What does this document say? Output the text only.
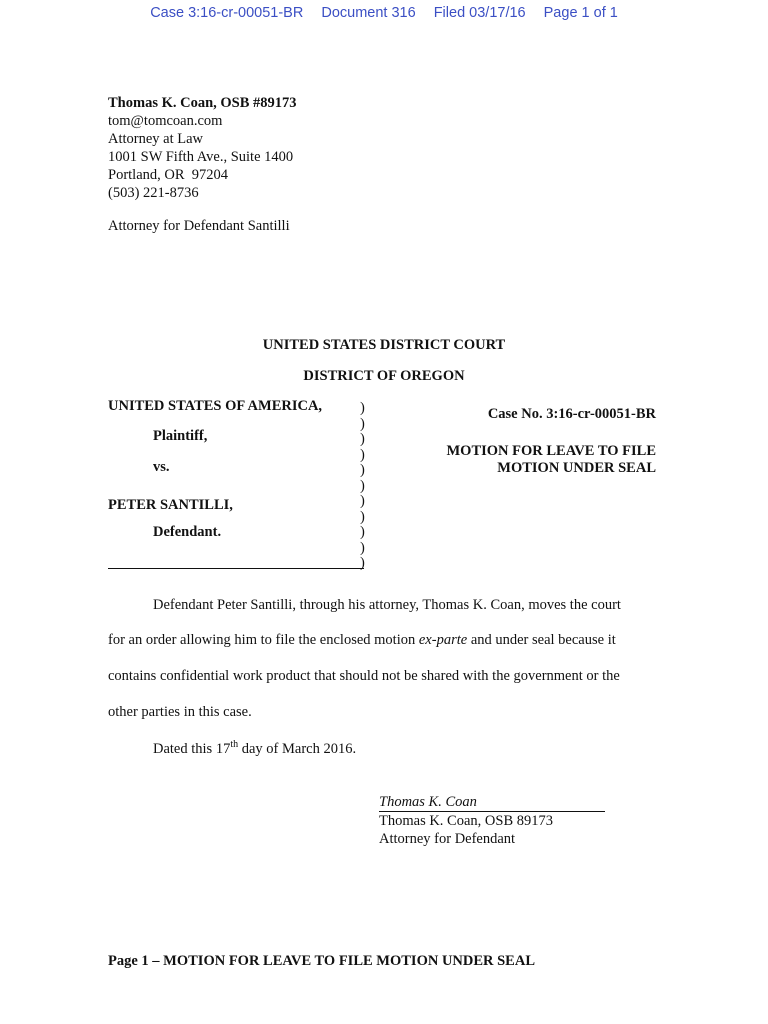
Case 3:16-cr-00051-BR Document 316 Filed 03/17/16 Page 1 of 1
Thomas K. Coan, OSB #89173
tom@tomcoan.com
Attorney at Law
1001 SW Fifth Ave., Suite 1400
Portland, OR  97204
(503) 221-8736
Attorney for Defendant Santilli
UNITED STATES DISTRICT COURT
DISTRICT OF OREGON
UNITED STATES OF AMERICA,
Plaintiff,
vs.
PETER SANTILLI,
Defendant.
)
)
)
)
)
)
)
)
)
)
)
Case No. 3:16-cr-00051-BR
MOTION FOR LEAVE TO FILE
MOTION UNDER SEAL
Defendant Peter Santilli, through his attorney, Thomas K. Coan, moves the court
for an order allowing him to file the enclosed motion ex-parte and under seal because it
contains confidential work product that should not be shared with the government or the
other parties in this case.
Dated this 17th day of March 2016.
Thomas K. Coan
Thomas K. Coan, OSB 89173
Attorney for Defendant
Page 1 – MOTION FOR LEAVE TO FILE MOTION UNDER SEAL
